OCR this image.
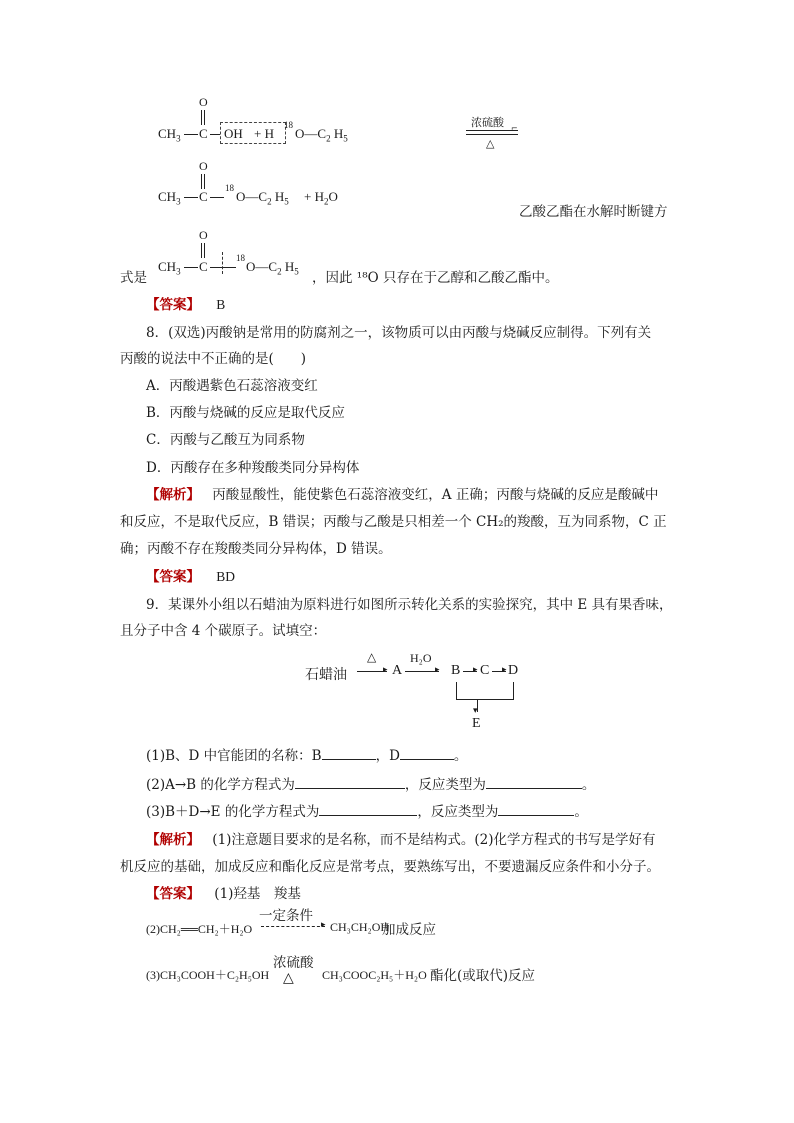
O
$CH_3$ C OH + H
18
$O—C_2$ $H_5$
浓硫酸 ⌐
△
O
$CH_3$ C
18
$O—C_2$ $H_5 + H_2O$
乙酸乙酯在水解时断键方
式是
O
$CH_3$ C
18
$O—C_2$ $H_5$ ，因此 ¹⁸O 只存在于乙醇和乙酸乙酯中。
【答案】 B
8．(双选)丙酸钠是常用的防腐剂之一，该物质可以由丙酸与烧碱反应制得。下列有关
丙酸的说法中不正确的是(　　)
A．丙酸遇紫色石蕊溶液变红
B．丙酸与烧碱的反应是取代反应
C．丙酸与乙酸互为同系物
D．丙酸存在多种羧酸类同分异构体
【解析】 丙酸显酸性，能使紫色石蕊溶液变红，A 正确；丙酸与烧碱的反应是酸碱中
和反应，不是取代反应，B 错误；丙酸与乙酸是只相差一个 CH₂的羧酸，互为同系物，C 正
确；丙酸不存在羧酸类同分异构体，D 错误。
【答案】 BD
9．某课外小组以石蜡油为原料进行如图所示转化关系的实验探究，其中 E 具有果香味，
且分子中含 4 个碳原子。试填空：
石蜡油
△
▸ A
H₂O
▸ B ▸ C ▸ D
▾
E
(1)B、D 中官能团的名称：B	，D	。
(2)A→B 的化学方程式为	，反应类型为	。
(3)B＋D→E 的化学方程式为	，反应类型为	。
【解析】 (1)注意题目要求的是名称，而不是结构式。(2)化学方程式的书写是学好有
机反应的基础，加成反应和酯化反应是常考点，要熟练写出，不要遗漏反应条件和小分子。
【答案】 (1)羟基　羧基
一定条件
(2)CH₂══CH₂＋H₂O	▸ CH₃CH₂OH
加成反应
浓硫酸
(3)CH₃COOH＋C₂H₅OH △ CH₃COOC₂H₅＋H₂O 酯化(或取代)反应
